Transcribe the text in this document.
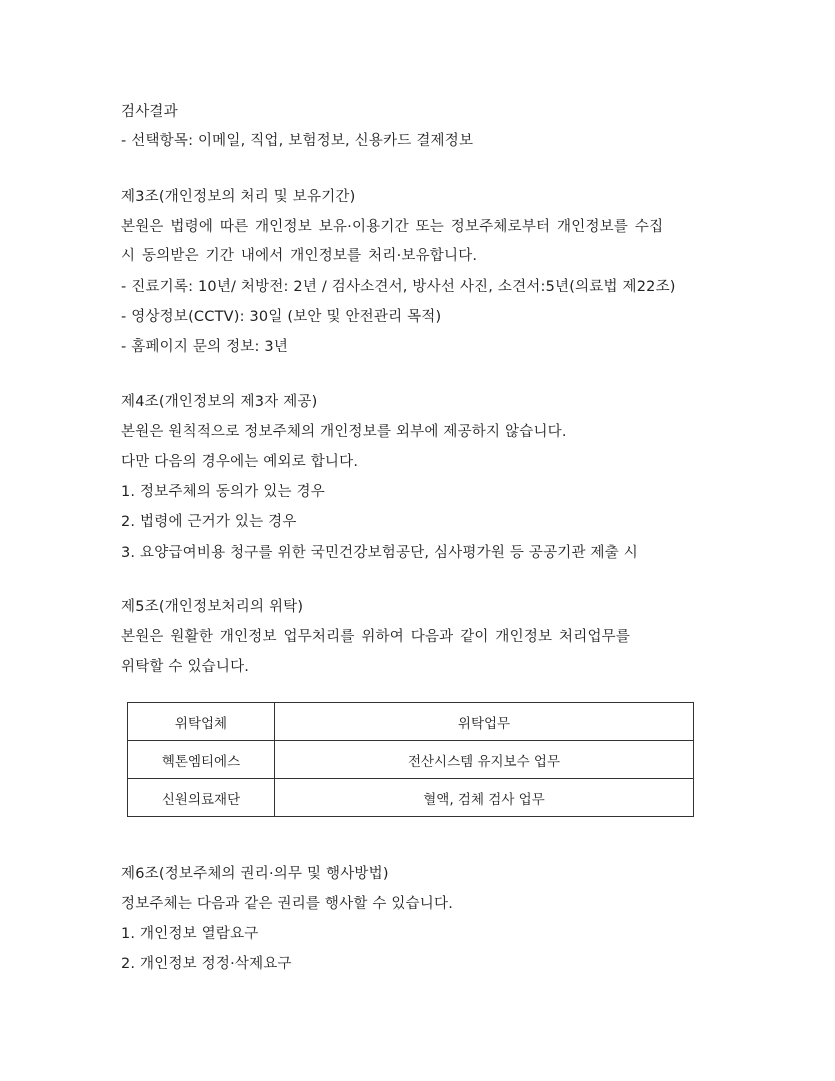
검사결과

- 선택항목: 이메일, 직업, 보험정보, 신용카드 결제정보

제3조(개인정보의 처리 및 보유기간)

본원은 법령에 따른 개인정보 보유·이용기간 또는 정보주체로부터 개인정보를 수집

시 동의받은 기간 내에서 개인정보를 처리·보유합니다.

- 진료기록: 10년/ 처방전: 2년 / 검사소견서, 방사선 사진, 소견서:5년(의료법 제22조)

- 영상정보(CCTV): 30일 (보안 및 안전관리 목적)

- 홈페이지 문의 정보: 3년

제4조(개인정보의 제3자 제공)

본원은 원칙적으로 정보주체의 개인정보를 외부에 제공하지 않습니다.

다만 다음의 경우에는 예외로 합니다.

1. 정보주체의 동의가 있는 경우

2. 법령에 근거가 있는 경우

3. 요양급여비용 청구를 위한 국민건강보험공단, 심사평가원 등 공공기관 제출 시

제5조(개인정보처리의 위탁)

본원은 원활한 개인정보 업무처리를 위하여 다음과 같이 개인정보 처리업무를

위탁할 수 있습니다.

위탁업체	위탁업무
혝톤엠티에스	전산시스템 유지보수 업무
신원의료재단	혈액, 검체 검사 업무

제6조(정보주체의 권리·의무 및 행사방법)

정보주체는 다음과 같은 권리를 행사할 수 있습니다.

1. 개인정보 열람요구

2. 개인정보 정정·삭제요구
